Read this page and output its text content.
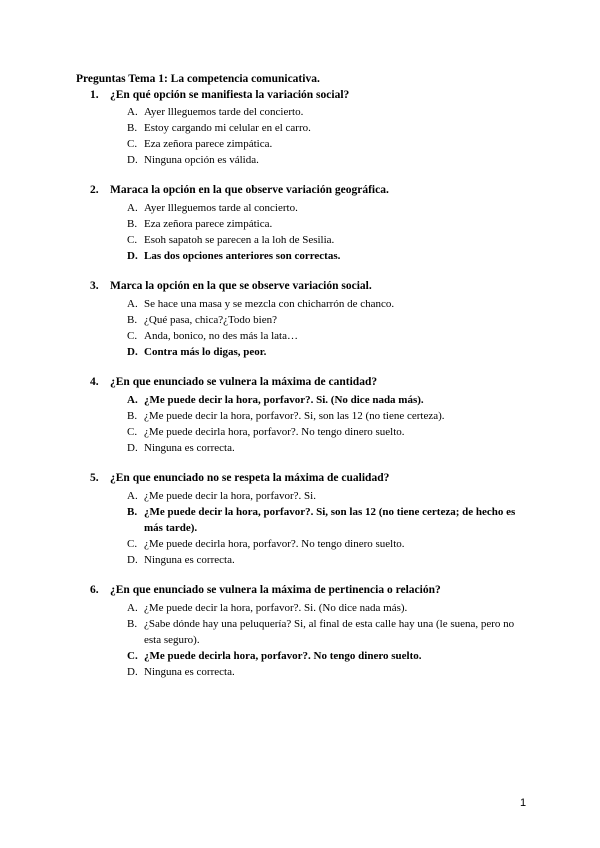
Preguntas Tema 1: La competencia comunicativa.
1. ¿En qué opción se manifiesta la variación social?
A. Ayer llleguemos tarde del concierto.
B. Estoy cargando mi celular en el carro.
C. Eza zeñora parece zimpática.
D. Ninguna opción es válida.
2. Maraca la opción en la que observe variación geográfica.
A. Ayer llleguemos tarde al concierto.
B. Eza zeñora parece zimpática.
C. Esoh sapatoh se parecen a la loh de Sesilia.
D. Las dos opciones anteriores son correctas.
3. Marca la opción en la que se observe variación social.
A. Se hace una masa y se mezcla con chicharrón de chanco.
B. ¿Qué pasa, chica?¿Todo bien?
C. Anda, bonico, no des más la lata…
D. Contra más lo digas, peor.
4. ¿En que enunciado se vulnera la máxima de cantidad?
A. ¿Me puede decir la hora, porfavor?. Si. (No dice nada más).
B. ¿Me puede decir la hora, porfavor?. Si, son las 12 (no tiene certeza).
C. ¿Me puede decirla hora, porfavor?. No tengo dinero suelto.
D. Ninguna es correcta.
5. ¿En que enunciado no se respeta la máxima de cualidad?
A. ¿Me puede decir la hora, porfavor?. Si.
B. ¿Me puede decir la hora, porfavor?. Si, son las 12 (no tiene certeza; de hecho es más tarde).
C. ¿Me puede decirla hora, porfavor?. No tengo dinero suelto.
D. Ninguna es correcta.
6. ¿En que enunciado se vulnera la máxima de pertinencia o relación?
A. ¿Me puede decir la hora, porfavor?. Si. (No dice nada más).
B. ¿Sabe dónde hay una peluquería? Si, al final de esta calle hay una (le suena, pero no esta seguro).
C. ¿Me puede decirla hora, porfavor?. No tengo dinero suelto.
D. Ninguna es correcta.
1
